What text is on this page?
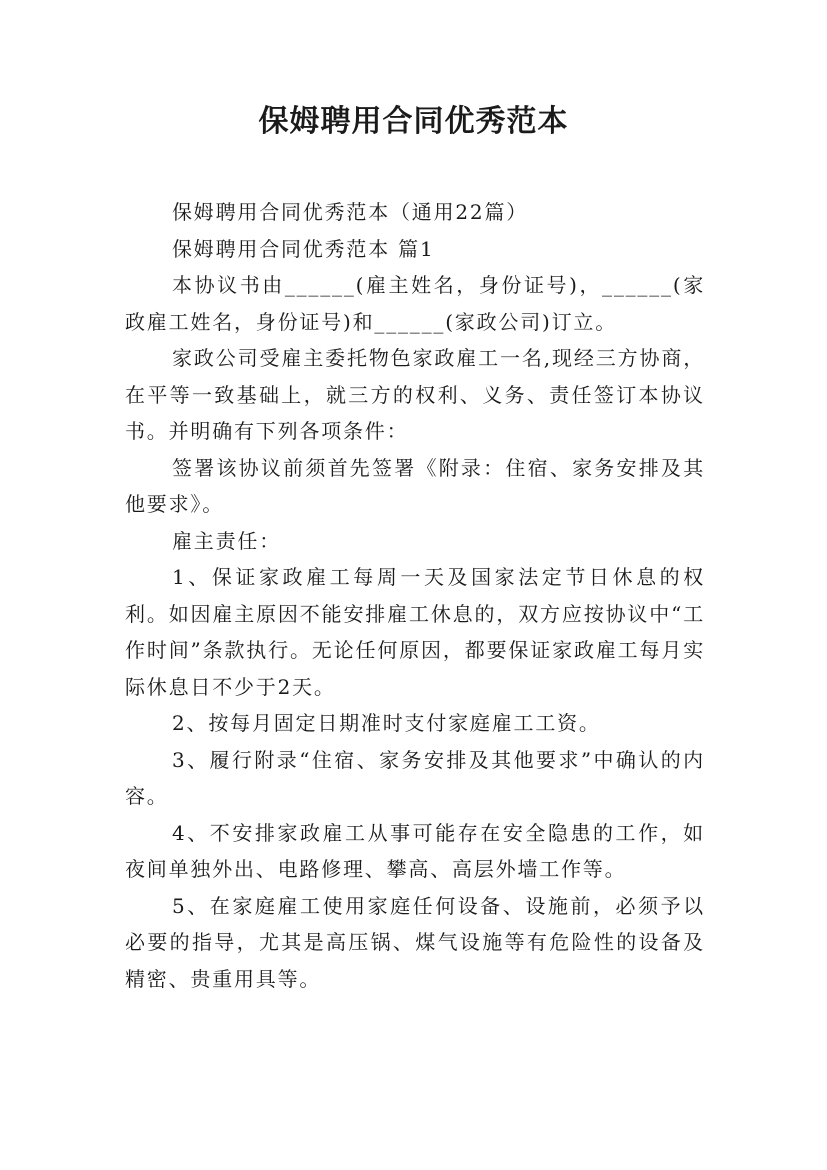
保姆聘用合同优秀范本

保姆聘用合同优秀范本（通用22篇）

保姆聘用合同优秀范本 篇1

本协议书由______(雇主姓名，身份证号)，______(家政雇工姓名，身份证号)和______(家政公司)订立。

家政公司受雇主委托物色家政雇工一名,现经三方协商，在平等一致基础上，就三方的权利、义务、责任签订本协议书。并明确有下列各项条件：

签署该协议前须首先签署《附录：住宿、家务安排及其他要求》。

雇主责任：

1、保证家政雇工每周一天及国家法定节日休息的权利。如因雇主原因不能安排雇工休息的，双方应按协议中“工作时间”条款执行。无论任何原因，都要保证家政雇工每月实际休息日不少于2天。

2、按每月固定日期准时支付家庭雇工工资。

3、履行附录“住宿、家务安排及其他要求”中确认的内容。

4、不安排家政雇工从事可能存在安全隐患的工作，如夜间单独外出、电路修理、攀高、高层外墙工作等。

5、在家庭雇工使用家庭任何设备、设施前，必须予以必要的指导，尤其是高压锅、煤气设施等有危险性的设备及精密、贵重用具等。
